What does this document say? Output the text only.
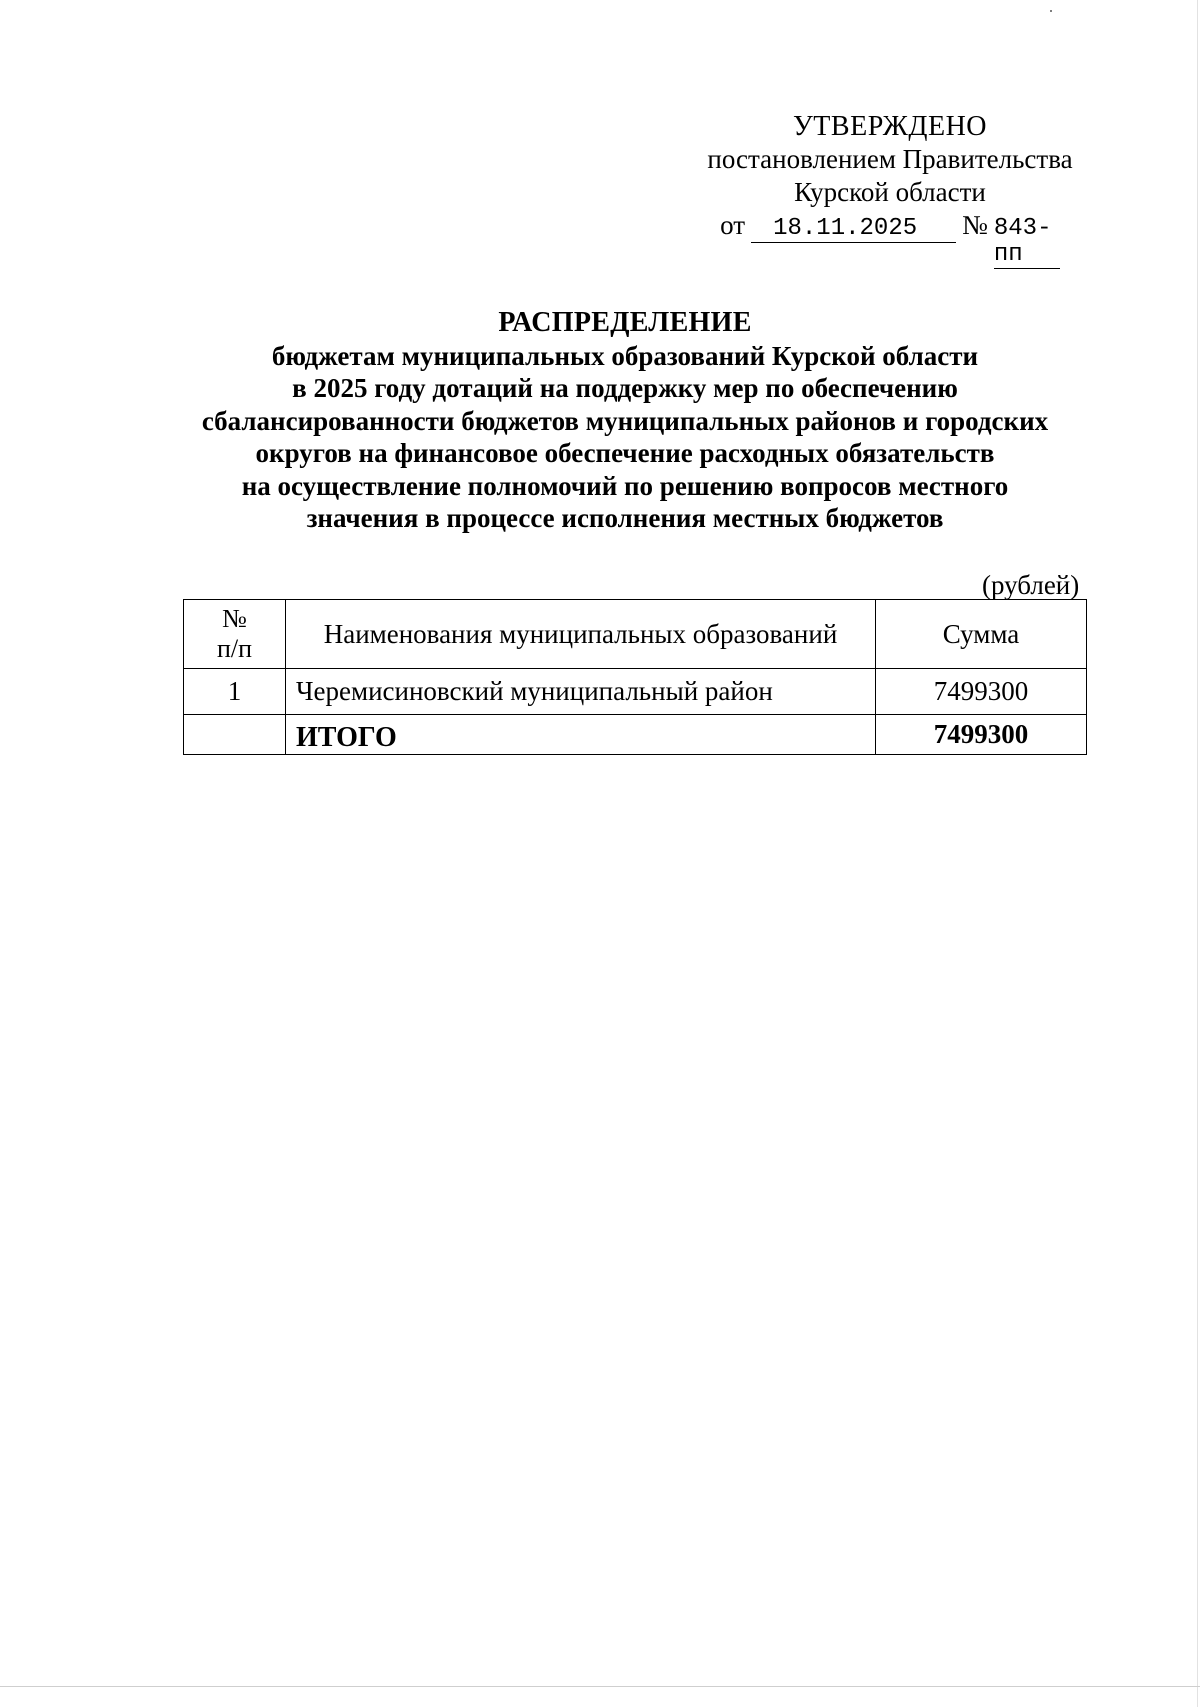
УТВЕРЖДЕНО
постановлением Правительства
Курской области
от	18.11.2025	№ 843-пп
РАСПРЕДЕЛЕНИЕ
бюджетам муниципальных образований Курской области
в 2025 году дотаций на поддержку мер по обеспечению
сбалансированности бюджетов муниципальных районов и городских
округов на финансовое обеспечение расходных обязательств
на осуществление полномочий по решению вопросов местного
значения в процессе исполнения местных бюджетов
(рублей)
№
п/п	Наименования муниципальных образований	Сумма
1	Черемисиновский муниципальный район	7499300
	ИТОГО	7499300
